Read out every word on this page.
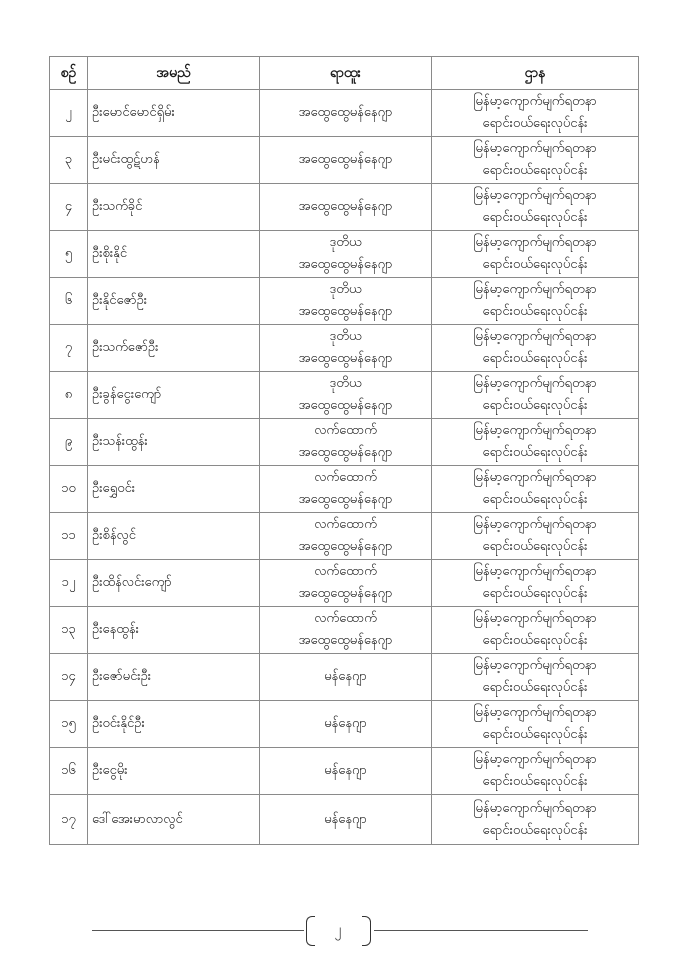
စဉ်	အမည်	ရာထူး	ဌာန
၂	ဦးမောင်မောင်ရှိမ်း	အထွေထွေမန်နေဂျာ	မြန်မာ့ကျောက်မျက်ရတနာ
ရောင်းဝယ်ရေးလုပ်ငန်း

၃	ဦးမင်းထွဋ်ဟန်	အထွေထွေမန်နေဂျာ	မြန်မာ့ကျောက်မျက်ရတနာ
ရောင်းဝယ်ရေးလုပ်ငန်း

၄	ဦးသက်ခိုင်	အထွေထွေမန်နေဂျာ	မြန်မာ့ကျောက်မျက်ရတနာ
ရောင်းဝယ်ရေးလုပ်ငန်း

၅	ဦးစိုးနိုင်	ဒုတိယ
အထွေထွေမန်နေဂျာ	မြန်မာ့ကျောက်မျက်ရတနာ
ရောင်းဝယ်ရေးလုပ်ငန်း

၆	ဦးနိုင်ဇော်ဦး	ဒုတိယ
အထွေထွေမန်နေဂျာ	မြန်မာ့ကျောက်မျက်ရတနာ
ရောင်းဝယ်ရေးလုပ်ငန်း

၇	ဦးသက်ဇော်ဦး	ဒုတိယ
အထွေထွေမန်နေဂျာ	မြန်မာ့ကျောက်မျက်ရတနာ
ရောင်းဝယ်ရေးလုပ်ငန်း

၈	ဦးခွန်ငွေးကျော်	ဒုတိယ
အထွေထွေမန်နေဂျာ	မြန်မာ့ကျောက်မျက်ရတနာ
ရောင်းဝယ်ရေးလုပ်ငန်း

၉	ဦးသန်းထွန်း	လက်ထောက်
အထွေထွေမန်နေဂျာ	မြန်မာ့ကျောက်မျက်ရတနာ
ရောင်းဝယ်ရေးလုပ်ငန်း

၁၀	ဦးရွှေဝင်း	လက်ထောက်
အထွေထွေမန်နေဂျာ	မြန်မာ့ကျောက်မျက်ရတနာ
ရောင်းဝယ်ရေးလုပ်ငန်း

၁၁	ဦးစိန်လွင်	လက်ထောက်
အထွေထွေမန်နေဂျာ	မြန်မာ့ကျောက်မျက်ရတနာ
ရောင်းဝယ်ရေးလုပ်ငန်း

၁၂	ဦးထိန်လင်းကျော်	လက်ထောက်
အထွေထွေမန်နေဂျာ	မြန်မာ့ကျောက်မျက်ရတနာ
ရောင်းဝယ်ရေးလုပ်ငန်း

၁၃	ဦးနေထွန်း	လက်ထောက်
အထွေထွေမန်နေဂျာ	မြန်မာ့ကျောက်မျက်ရတနာ
ရောင်းဝယ်ရေးလုပ်ငန်း

၁၄	ဦးဇော်မင်းဦး	မန်နေဂျာ	မြန်မာ့ကျောက်မျက်ရတနာ
ရောင်းဝယ်ရေးလုပ်ငန်း

၁၅	ဦးဝင်းနိုင်ဦး	မန်နေဂျာ	မြန်မာ့ကျောက်မျက်ရတနာ
ရောင်းဝယ်ရေးလုပ်ငန်း

၁၆	ဦးငွေမိုး	မန်နေဂျာ	မြန်မာ့ကျောက်မျက်ရတနာ
ရောင်းဝယ်ရေးလုပ်ငန်း

၁၇	ဒေါ်အေးမာလာလွင်	မန်နေဂျာ	မြန်မာ့ကျောက်မျက်ရတနာ
ရောင်းဝယ်ရေးလုပ်ငန်း
၂
